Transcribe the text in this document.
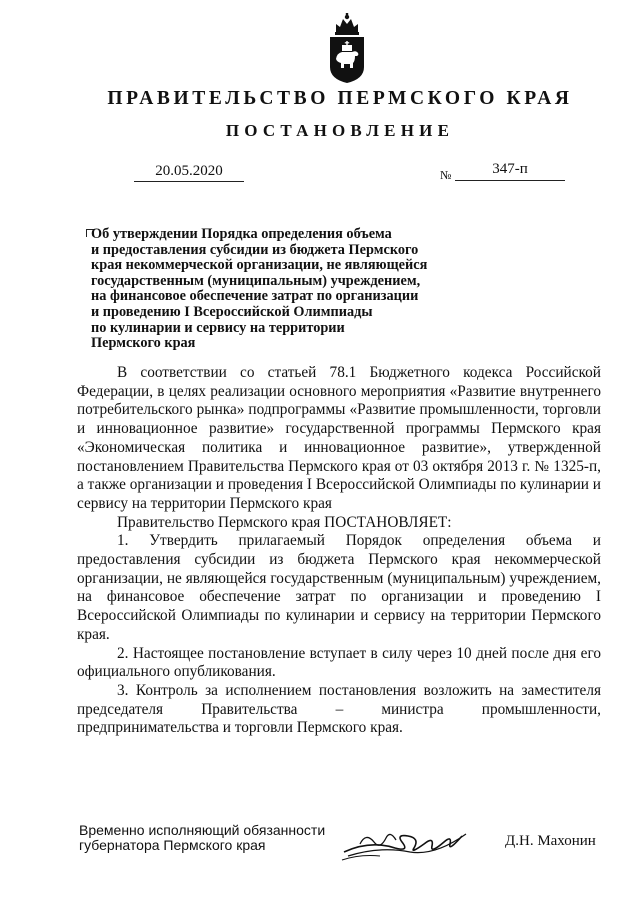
ПРАВИТЕЛЬСТВО ПЕРМСКОГО КРАЯ
ПОСТАНОВЛЕНИЕ
20.05.2020	№	347-п
Об утверждении Порядка определения объема
и предоставления субсидии из бюджета Пермского
края некоммерческой организации, не являющейся
государственным (муниципальным) учреждением,
на финансовое обеспечение затрат по организации
и проведению I Всероссийской Олимпиады
по кулинарии и сервису на территории
Пермского края

В соответствии со статьей 78.1 Бюджетного кодекса Российской Федерации, в целях реализации основного мероприятия «Развитие внутреннего потребительского рынка» подпрограммы «Развитие промышленности, торговли и инновационное развитие» государственной программы Пермского края «Экономическая политика и инновационное развитие», утвержденной постановлением Правительства Пермского края от 03 октября 2013 г. № 1325-п, а также организации и проведения I Всероссийской Олимпиады по кулинарии и сервису на территории Пермского края

Правительство Пермского края ПОСТАНОВЛЯЕТ:

1. Утвердить прилагаемый Порядок определения объема и предоставления субсидии из бюджета Пермского края некоммерческой организации, не являющейся государственным (муниципальным) учреждением, на финансовое обеспечение затрат по организации и проведению I Всероссийской Олимпиады по кулинарии и сервису на территории Пермского края.

2. Настоящее постановление вступает в силу через 10 дней после дня его официального опубликования.

3. Контроль за исполнением постановления возложить на заместителя председателя Правительства – министра промышленности, предпринимательства и торговли Пермского края.

Временно исполняющий обязанности
губернатора Пермского края	Д.Н. Махонин
